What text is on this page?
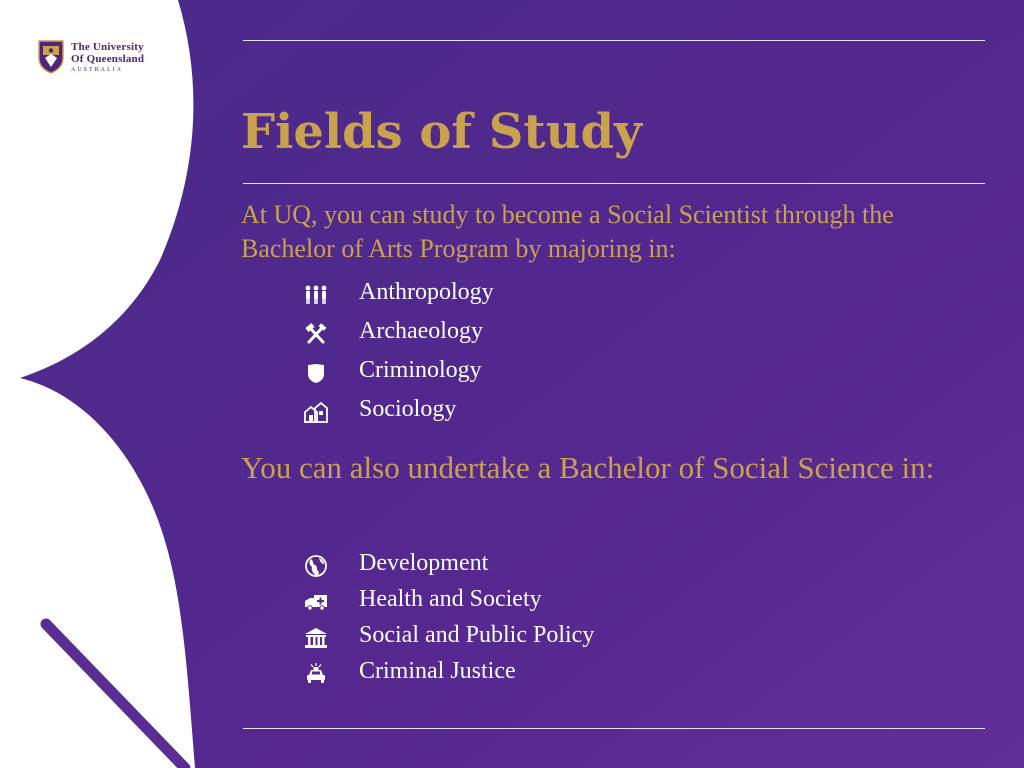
The University
Of Queensland
AUSTRALIA
Fields of Study

At UQ, you can study to become a Social Scientist through the Bachelor of Arts Program by majoring in:

Anthropology
Archaeology
Criminology
Sociology

You can also undertake a Bachelor of Social Science in:

Development
Health and Society
Social and Public Policy
Criminal Justice
